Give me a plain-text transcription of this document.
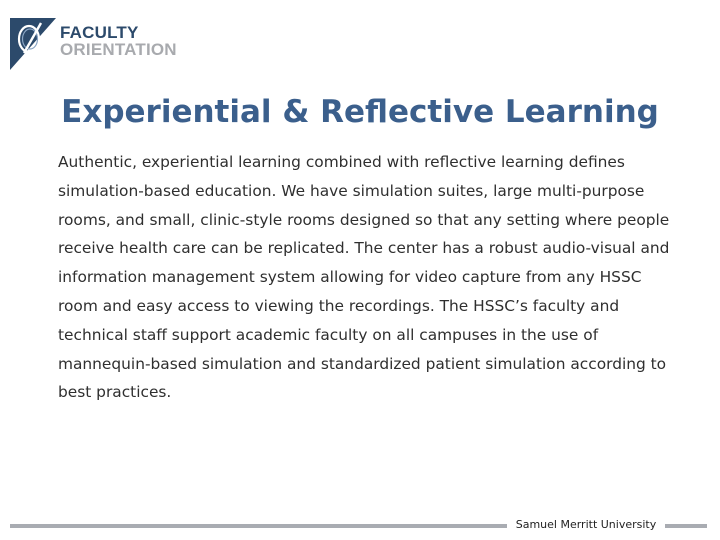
FACULTY
ORIENTATION
Experiential & Reflective Learning

Authentic, experiential learning combined with reflective learning defines simulation-based education. We have simulation suites, large multi-purpose rooms, and small, clinic-style rooms designed so that any setting where people receive health care can be replicated. The center has a robust audio-visual and information management system allowing for video capture from any HSSC room and easy access to viewing the recordings. The HSSC’s faculty and technical staff support academic faculty on all campuses in the use of mannequin-based simulation and standardized patient simulation according to best practices.

Samuel Merritt University
